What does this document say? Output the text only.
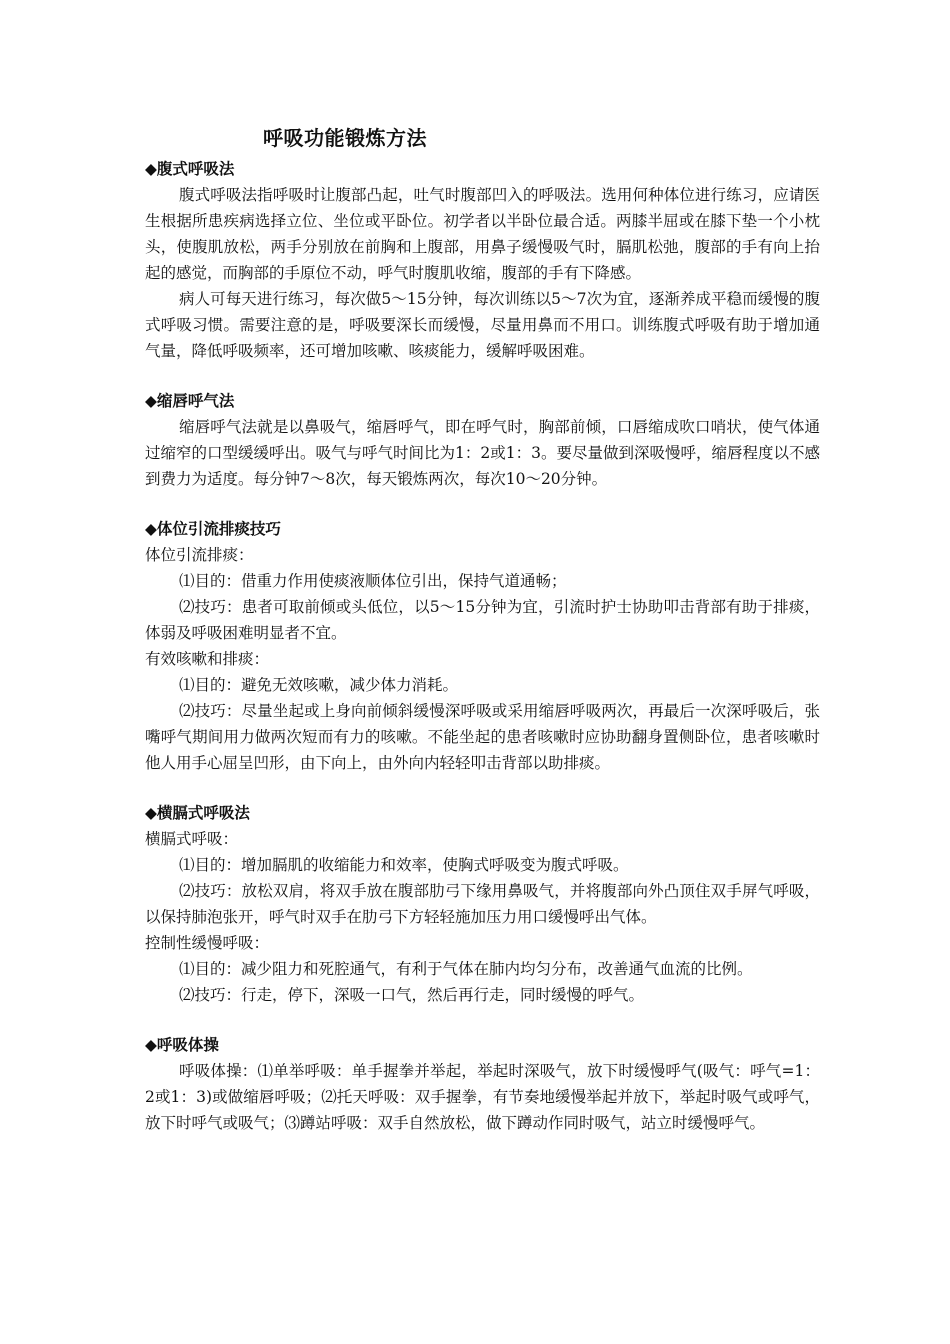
呼吸功能锻炼方法
◆腹式呼吸法

腹式呼吸法指呼吸时让腹部凸起，吐气时腹部凹入的呼吸法。选用何种体位进行练习，应请医生根据所患疾病选择立位、坐位或平卧位。初学者以半卧位最合适。两膝半屈或在膝下垫一个小枕头，使腹肌放松，两手分别放在前胸和上腹部，用鼻子缓慢吸气时，膈肌松弛，腹部的手有向上抬起的感觉，而胸部的手原位不动，呼气时腹肌收缩，腹部的手有下降感。

病人可每天进行练习，每次做5～15分钟，每次训练以5～7次为宜，逐渐养成平稳而缓慢的腹式呼吸习惯。需要注意的是，呼吸要深长而缓慢，尽量用鼻而不用口。训练腹式呼吸有助于增加通气量，降低呼吸频率，还可增加咳嗽、咳痰能力，缓解呼吸困难。

◆缩唇呼气法

缩唇呼气法就是以鼻吸气，缩唇呼气，即在呼气时，胸部前倾，口唇缩成吹口哨状，使气体通过缩窄的口型缓缓呼出。吸气与呼气时间比为1：2或1：3。要尽量做到深吸慢呼，缩唇程度以不感到费力为适度。每分钟7～8次，每天锻炼两次，每次10～20分钟。

◆体位引流排痰技巧

体位引流排痰：

⑴目的：借重力作用使痰液顺体位引出，保持气道通畅；

⑵技巧：患者可取前倾或头低位，以5～15分钟为宜，引流时护士协助叩击背部有助于排痰，体弱及呼吸困难明显者不宜。

有效咳嗽和排痰：

⑴目的：避免无效咳嗽，减少体力消耗。

⑵技巧：尽量坐起或上身向前倾斜缓慢深呼吸或采用缩唇呼吸两次，再最后一次深呼吸后，张嘴呼气期间用力做两次短而有力的咳嗽。不能坐起的患者咳嗽时应协助翻身置侧卧位，患者咳嗽时他人用手心屈呈凹形，由下向上，由外向内轻轻叩击背部以助排痰。

◆横膈式呼吸法

横膈式呼吸：

⑴目的：增加膈肌的收缩能力和效率，使胸式呼吸变为腹式呼吸。

⑵技巧：放松双肩，将双手放在腹部肋弓下缘用鼻吸气，并将腹部向外凸顶住双手屏气呼吸，以保持肺泡张开，呼气时双手在肋弓下方轻轻施加压力用口缓慢呼出气体。

控制性缓慢呼吸：

⑴目的：减少阻力和死腔通气，有利于气体在肺内均匀分布，改善通气血流的比例。

⑵技巧：行走，停下，深吸一口气，然后再行走，同时缓慢的呼气。

◆呼吸体操

呼吸体操：⑴单举呼吸：单手握拳并举起，举起时深吸气，放下时缓慢呼气(吸气：呼气=1：2或1：3)或做缩唇呼吸；⑵托天呼吸：双手握拳，有节奏地缓慢举起并放下，举起时吸气或呼气，放下时呼气或吸气；⑶蹲站呼吸：双手自然放松，做下蹲动作同时吸气，站立时缓慢呼气。
